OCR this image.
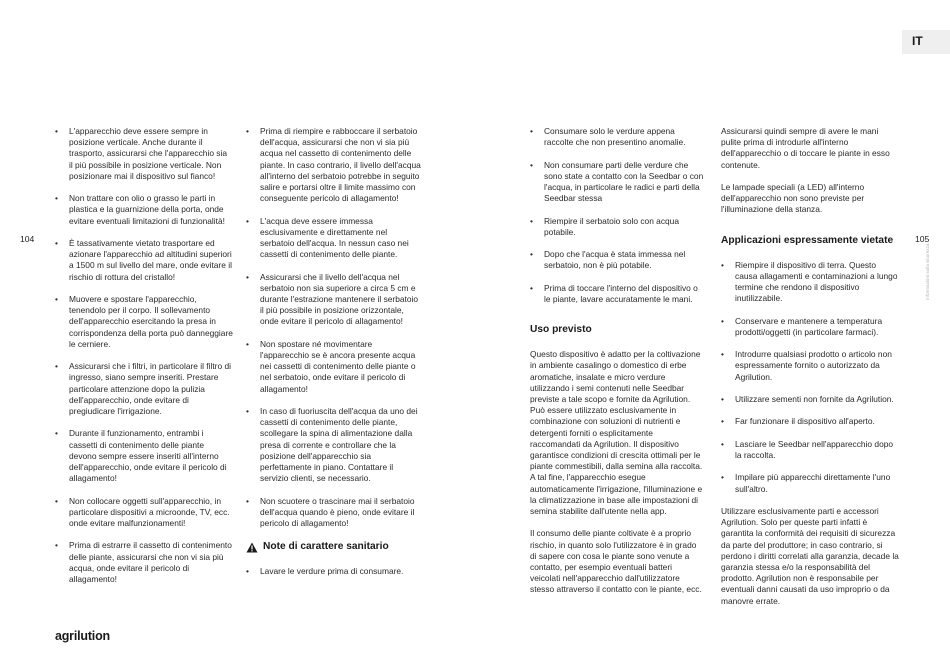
IT
Informazioni sulla sicurezza
104	105
• L'apparecchio deve essere sempre in posizione verticale. Anche durante il trasporto, assicurarsi che l'apparecchio sia il più possibile in posizione verticale. Non posizionare mai il dispositivo sul fianco!
• Non trattare con olio o grasso le parti in plastica e la guarnizione della porta, onde evitare eventuali limitazioni di funzionalità!
• È tassativamente vietato trasportare ed azionare l'apparecchio ad altitudini superiori a 1500 m sul livello del mare, onde evitare il rischio di rottura del cristallo!
• Muovere e spostare l'apparecchio, tenendolo per il corpo. Il sollevamento dell'apparecchio esercitando la presa in corrispondenza della porta può danneggiare le cerniere.
• Assicurarsi che i filtri, in particolare il filtro di ingresso, siano sempre inseriti. Prestare particolare attenzione dopo la pulizia dell'apparecchio, onde evitare di pregiudicare l'irrigazione.
• Durante il funzionamento, entrambi i cassetti di contenimento delle piante devono sempre essere inseriti all'interno dell'apparecchio, onde evitare il pericolo di allagamento!
• Non collocare oggetti sull'apparecchio, in particolare dispositivi a microonde, TV, ecc. onde evitare malfunzionamenti!
• Prima di estrarre il cassetto di contenimento delle piante, assicurarsi che non vi sia più acqua, onde evitare il pericolo di allagamento!
• Prima di riempire e rabboccare il serbatoio dell'acqua, assicurarsi che non vi sia più acqua nel cassetto di contenimento delle piante. In caso contrario, il livello dell'acqua all'interno del serbatoio potrebbe in seguito salire e portarsi oltre il limite massimo con conseguente pericolo di allagamento!
• L'acqua deve essere immessa esclusivamente e direttamente nel serbatoio dell'acqua. In nessun caso nei cassetti di contenimento delle piante.
• Assicurarsi che il livello dell'acqua nel serbatoio non sia superiore a circa 5 cm e durante l'estrazione mantenere il serbatoio il più possibile in posizione orizzontale, onde evitare il pericolo di allagamento!
• Non spostare né movimentare l'apparecchio se è ancora presente acqua nei cassetti di contenimento delle piante o nel serbatoio, onde evitare il pericolo di allagamento!
• In caso di fuoriuscita dell'acqua da uno dei cassetti di contenimento delle piante, scollegare la spina di alimentazione dalla presa di corrente e controllare che la posizione dell'apparecchio sia perfettamente in piano. Contattare il servizio clienti, se necessario.
• Non scuotere o trascinare mai il serbatoio dell'acqua quando è pieno, onde evitare il pericolo di allagamento!
Note di carattere sanitario
• Lavare le verdure prima di consumare.
• Consumare solo le verdure appena raccolte che non presentino anomalie.
• Non consumare parti delle verdure che sono state a contatto con la Seedbar o con l'acqua, in particolare le radici e parti della Seedbar stessa
• Riempire il serbatoio solo con acqua potabile.
• Dopo che l'acqua è stata immessa nel serbatoio, non è più potabile.
• Prima di toccare l'interno del dispositivo o le piante, lavare accuratamente le mani.
Uso previsto

Questo dispositivo è adatto per la coltivazione in ambiente casalingo o domestico di erbe aromatiche, insalate e micro verdure utilizzando i semi contenuti nelle Seedbar previste a tale scopo e fornite da Agrilution. Può essere utilizzato esclusivamente in combinazione con soluzioni di nutrienti e detergenti forniti o esplicitamente raccomandati da Agrilution. Il dispositivo garantisce condizioni di crescita ottimali per le piante commestibili, dalla semina alla raccolta. A tal fine, l'apparecchio esegue automaticamente l'irrigazione, l'illuminazione e la climatizzazione in base alle impostazioni di semina stabilite dall'utente nella app.

Il consumo delle piante coltivate è a proprio rischio, in quanto solo l'utilizzatore è in grado di sapere con cosa le piante sono venute a contatto, per esempio eventuali batteri veicolati nell'apparecchio dall'utilizzatore stesso attraverso il contatto con le piante, ecc.

Assicurarsi quindi sempre di avere le mani pulite prima di introdurle all'interno dell'apparecchio o di toccare le piante in esso contenute.

Le lampade speciali (a LED) all'interno dell'apparecchio non sono previste per l'illuminazione della stanza.

Applicazioni espressamente vietate
• Riempire il dispositivo di terra. Questo causa allagamenti e contaminazioni a lungo termine che rendono il dispositivo inutilizzabile.
• Conservare e mantenere a temperatura prodotti/oggetti (in particolare farmaci).
• Introdurre qualsiasi prodotto o articolo non espressamente fornito o autorizzato da Agrilution.
• Utilizzare sementi non fornite da Agrilution.
• Far funzionare il dispositivo all'aperto.
• Lasciare le Seedbar nell'apparecchio dopo la raccolta.
• Impilare più apparecchi direttamente l'uno sull'altro.

Utilizzare esclusivamente parti e accessori Agrilution. Solo per queste parti infatti è garantita la conformità dei requisiti di sicurezza da parte del produttore; in caso contrario, si perdono i diritti correlati alla garanzia, decade la garanzia stessa e/o la responsabilità del prodotto. Agrilution non è responsabile per eventuali danni causati da uso improprio o da manovre errate.

agrilution
